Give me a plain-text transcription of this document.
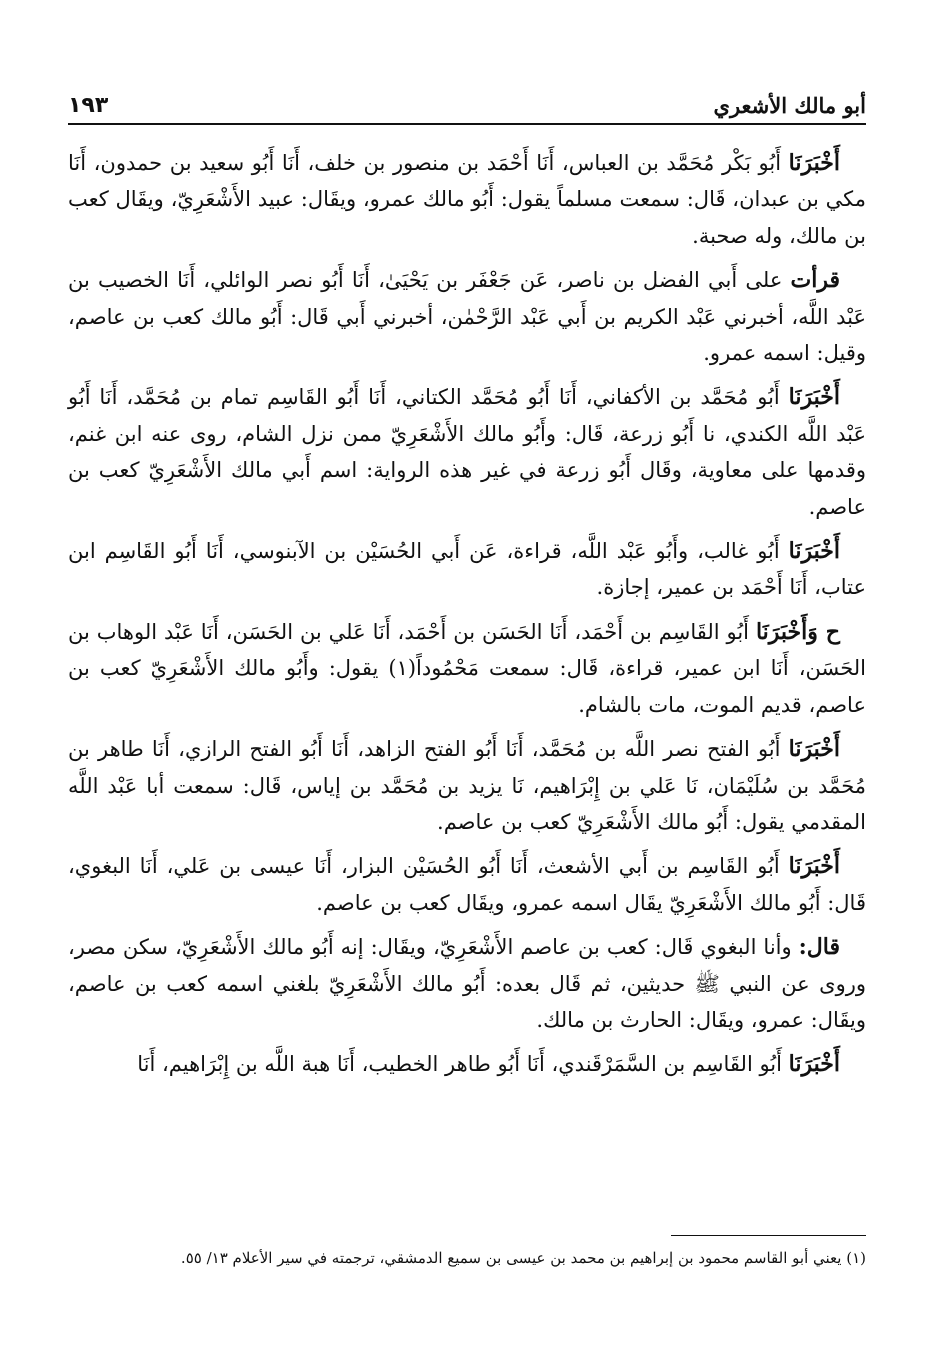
أبو مالك الأشعري
١٩٣

أَخْبَرَنَا أَبُو بَكْر مُحَمَّد بن العباس، أَنَا أَحْمَد بن منصور بن خلف، أَنَا أَبُو سعيد بن حمدون، أَنَا مكي بن عبدان، قَال: سمعت مسلماً يقول: أَبُو مالك عمرو، ويقَال: عبيد الأَشْعَرِيّ، ويقَال كعب بن مالك، وله صحبة.

قرأت على أَبي الفضل بن ناصر، عَن جَعْفَر بن يَحْيَىٰ، أَنَا أَبُو نصر الوائلي، أَنَا الخصيب بن عَبْد اللَّه، أخبرني عَبْد الكريم بن أَبي عَبْد الرَّحْمٰن، أخبرني أَبي قَال: أَبُو مالك كعب بن عاصم، وقيل: اسمه عمرو.

أَخْبَرَنَا أَبُو مُحَمَّد بن الأكفاني، أَنَا أَبُو مُحَمَّد الكتاني، أَنَا أَبُو القَاسِم تمام بن مُحَمَّد، أَنَا أَبُو عَبْد اللَّه الكندي، نا أَبُو زرعة، قَال: وأَبُو مالك الأَشْعَرِيّ ممن نزل الشام، روى عنه ابن غنم، وقدمها على معاوية، وقَال أَبُو زرعة في غير هذه الرواية: اسم أَبي مالك الأَشْعَرِيّ كعب بن عاصم.

أَخْبَرَنَا أَبُو غالب، وأَبُو عَبْد اللَّه، قراءة، عَن أَبي الحُسَيْن بن الآبنوسي، أَنَا أَبُو القَاسِم ابن عتاب، أَنَا أَحْمَد بن عمير، إجازة.

ح وَأَخْبَرَنَا أَبُو القَاسِم بن أَحْمَد، أَنَا الحَسَن بن أَحْمَد، أَنَا عَلي بن الحَسَن، أَنَا عَبْد الوهاب بن الحَسَن، أَنَا ابن عمير، قراءة، قَال: سمعت مَحْمُوداً(١) يقول: وأَبُو مالك الأَشْعَرِيّ كعب بن عاصم، قديم الموت، مات بالشام.

أَخْبَرَنَا أَبُو الفتح نصر اللَّه بن مُحَمَّد، أَنَا أَبُو الفتح الزاهد، أَنَا أَبُو الفتح الرازي، أَنَا طاهر بن مُحَمَّد بن سُلَيْمَان، نَا عَلي بن إِبْرَاهيم، نَا يزيد بن مُحَمَّد بن إياس، قَال: سمعت أبا عَبْد اللَّه المقدمي يقول: أَبُو مالك الأَشْعَرِيّ كعب بن عاصم.

أَخْبَرَنَا أَبُو القَاسِم بن أَبي الأشعث، أَنَا أَبُو الحُسَيْن البزار، أَنَا عيسى بن عَلي، أَنَا البغوي، قَال: أَبُو مالك الأَشْعَرِيّ يقَال اسمه عمرو، ويقَال كعب بن عاصم.

قال: وأنا البغوي قَال: كعب بن عاصم الأَشْعَرِيّ، ويقَال: إنه أَبُو مالك الأَشْعَرِيّ، سكن مصر، وروى عن النبي ﷺ حديثين، ثم قَال بعده: أَبُو مالك الأَشْعَرِيّ بلغني اسمه كعب بن عاصم، ويقَال: عمرو، ويقَال: الحارث بن مالك.

أَخْبَرَنَا أَبُو القَاسِم بن السَّمَرْقَندي، أَنَا أَبُو طاهر الخطيب، أَنَا هبة اللَّه بن إِبْرَاهيم، أَنَا

(١) يعني أبو القاسم محمود بن إبراهيم بن محمد بن عيسى بن سميع الدمشقي، ترجمته في سير الأعلام ١٣/ ٥٥.
